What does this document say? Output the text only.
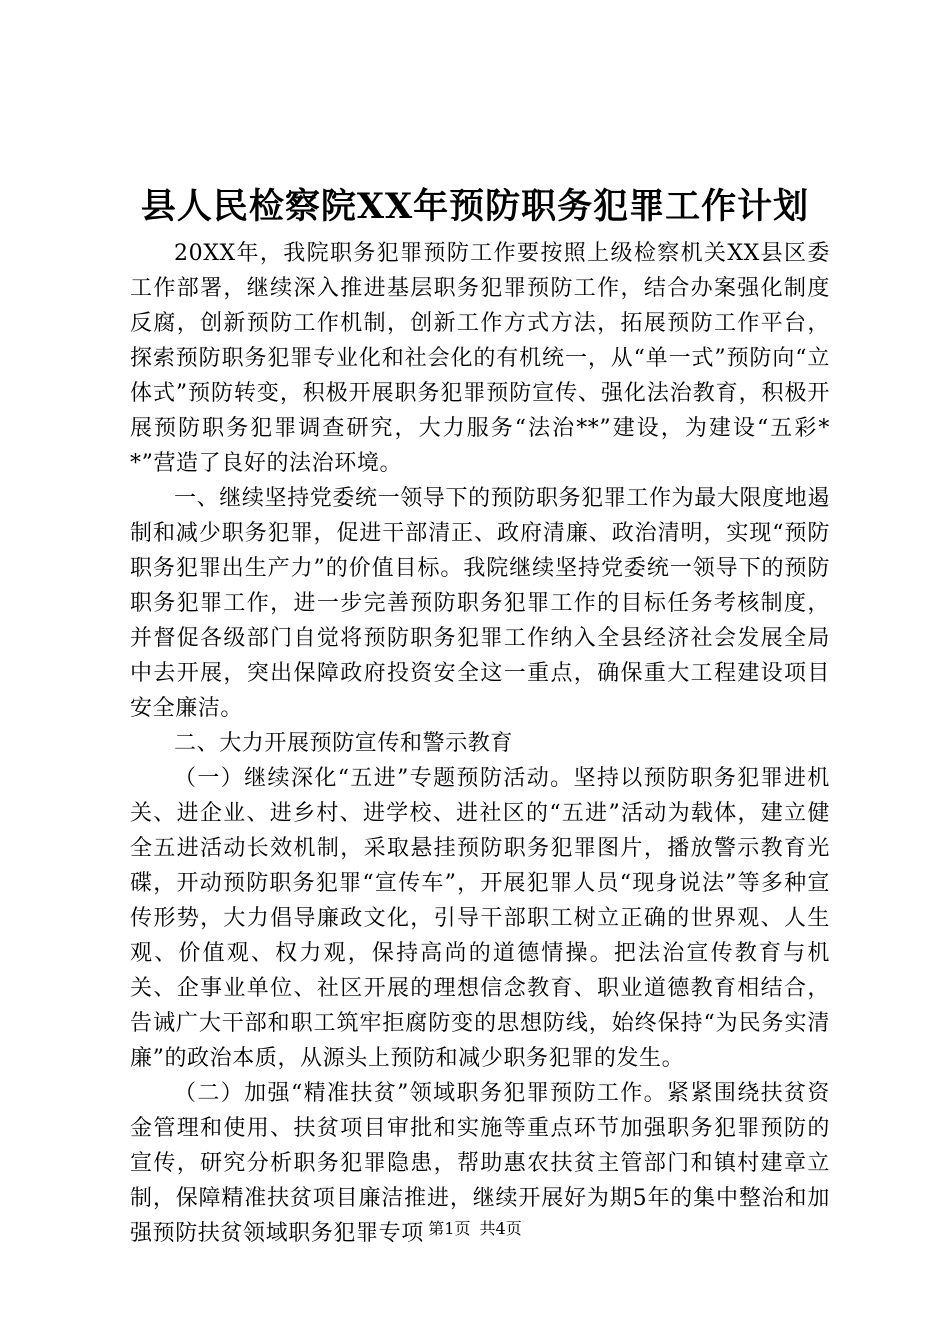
县人民检察院XX年预防职务犯罪工作计划

20XX年，我院职务犯罪预防工作要按照上级检察机关XX县区委工作部署，继续深入推进基层职务犯罪预防工作，结合办案强化制度反腐，创新预防工作机制，创新工作方式方法，拓展预防工作平台，探索预防职务犯罪专业化和社会化的有机统一，从“单一式”预防向“立体式”预防转变，积极开展职务犯罪预防宣传、强化法治教育，积极开展预防职务犯罪调查研究，大力服务“法治**”建设，为建设“五彩**”营造了良好的法治环境。

一、继续坚持党委统一领导下的预防职务犯罪工作为最大限度地遏制和减少职务犯罪，促进干部清正、政府清廉、政治清明，实现“预防职务犯罪出生产力”的价值目标。我院继续坚持党委统一领导下的预防职务犯罪工作，进一步完善预防职务犯罪工作的目标任务考核制度，并督促各级部门自觉将预防职务犯罪工作纳入全县经济社会发展全局中去开展，突出保障政府投资安全这一重点，确保重大工程建设项目安全廉洁。

二、大力开展预防宣传和警示教育

（一）继续深化“五进”专题预防活动。坚持以预防职务犯罪进机关、进企业、进乡村、进学校、进社区的“五进”活动为载体，建立健全五进活动长效机制，采取悬挂预防职务犯罪图片，播放警示教育光碟，开动预防职务犯罪“宣传车”，开展犯罪人员“现身说法”等多种宣传形势，大力倡导廉政文化，引导干部职工树立正确的世界观、人生观、价值观、权力观，保持高尚的道德情操。把法治宣传教育与机关、企事业单位、社区开展的理想信念教育、职业道德教育相结合，告诫广大干部和职工筑牢拒腐防变的思想防线，始终保持“为民务实清廉”的政治本质，从源头上预防和减少职务犯罪的发生。

（二）加强“精准扶贫”领域职务犯罪预防工作。紧紧围绕扶贫资金管理和使用、扶贫项目审批和实施等重点环节加强职务犯罪预防的宣传，研究分析职务犯罪隐患，帮助惠农扶贫主管部门和镇村建章立制，保障精准扶贫项目廉洁推进，继续开展好为期5年的集中整治和加强预防扶贫领域职务犯罪专项 第1页 共4页
